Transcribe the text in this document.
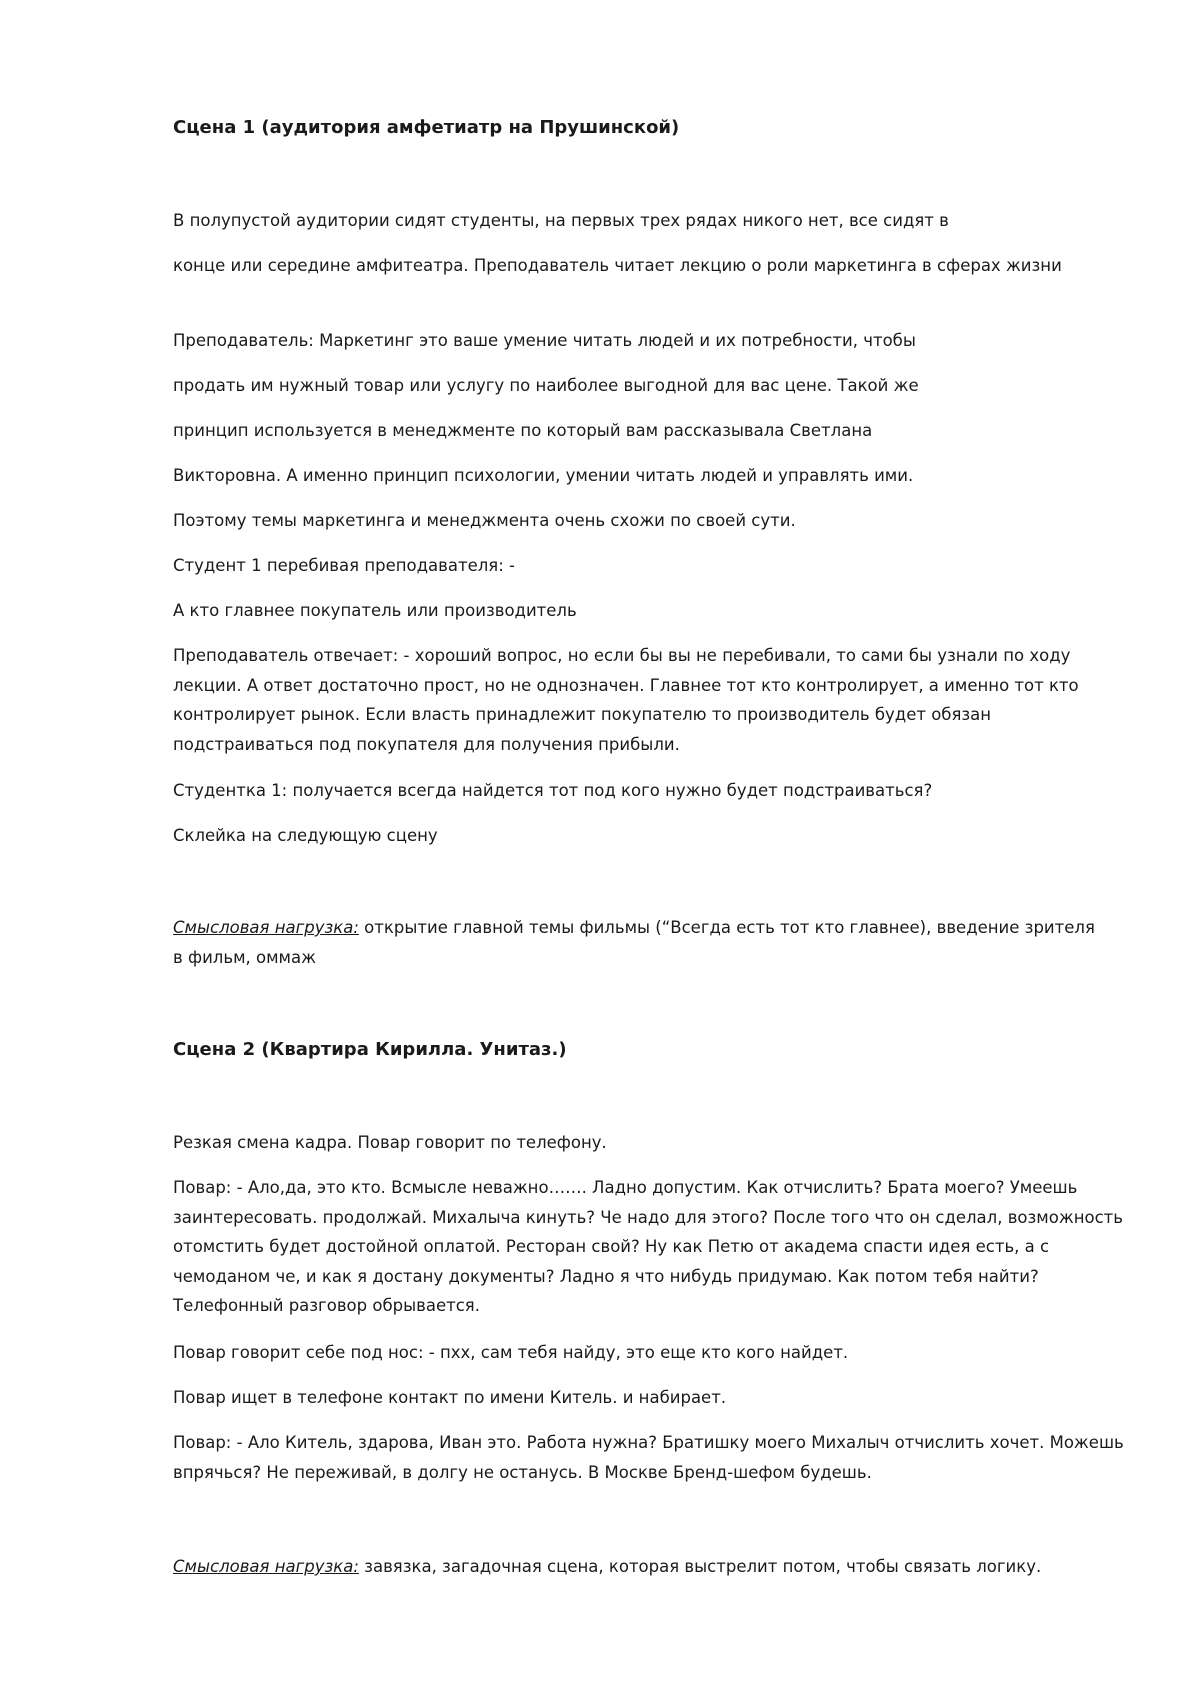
Сцена 1 (аудитория амфетиатр на Прушинской)
В полупустой аудитории сидят студенты, на первых трех рядах никого нет, все сидят в
конце или середине амфитеатра. Преподаватель читает лекцию о роли маркетинга в сферах жизни
Преподаватель: Маркетинг это ваше умение читать людей и их потребности, чтобы
продать им нужный товар или услугу по наиболее выгодной для вас цене. Такой же
принцип используется в менеджменте по который вам рассказывала Светлана
Викторовна. А именно принцип психологии, умении читать людей и управлять ими.
Поэтому темы маркетинга и менеджмента очень схожи по своей сути.
Студент 1 перебивая преподавателя: -
А кто главнее покупатель или производитель
Преподаватель отвечает: - хороший вопрос, но если бы вы не перебивали, то сами бы узнали по ходу лекции. А ответ достаточно прост, но не однозначен. Главнее тот кто контролирует, а именно тот кто контролирует рынок. Если власть принадлежит покупателю то производитель будет обязан подстраиваться под покупателя для получения прибыли.
Студентка 1: получается всегда найдется тот под кого нужно будет подстраиваться?
Склейка на следующую сцену
Смысловая нагрузка: открытие главной темы фильмы (“Всегда есть тот кто главнее), введение зрителя в фильм, оммаж
Сцена 2 (Квартира Кирилла. Унитаз.)
Резкая смена кадра. Повар говорит по телефону.
Повар: - Ало,да, это кто. Всмысле неважно……. Ладно допустим. Как отчислить? Брата моего? Умеешь заинтересовать. продолжай. Михалыча кинуть? Че надо для этого? После того что он сделал, возможность отомстить будет достойной оплатой. Ресторан свой? Ну как Петю от академа спасти идея есть, а с чемоданом че, и как я достану документы? Ладно я что нибудь придумаю. Как потом тебя найти? Телефонный разговор обрывается.
Повар говорит себе под нос: - пхх, сам тебя найду, это еще кто кого найдет.
Повар ищет в телефоне контакт по имени Китель. и набирает.
Повар: - Ало Китель, здарова, Иван это. Работа нужна? Братишку моего Михалыч отчислить хочет. Можешь впрячься? Не переживай, в долгу не останусь. В Москве Бренд-шефом будешь.
Смысловая нагрузка: завязка, загадочная сцена, которая выстрелит потом, чтобы связать логику.
